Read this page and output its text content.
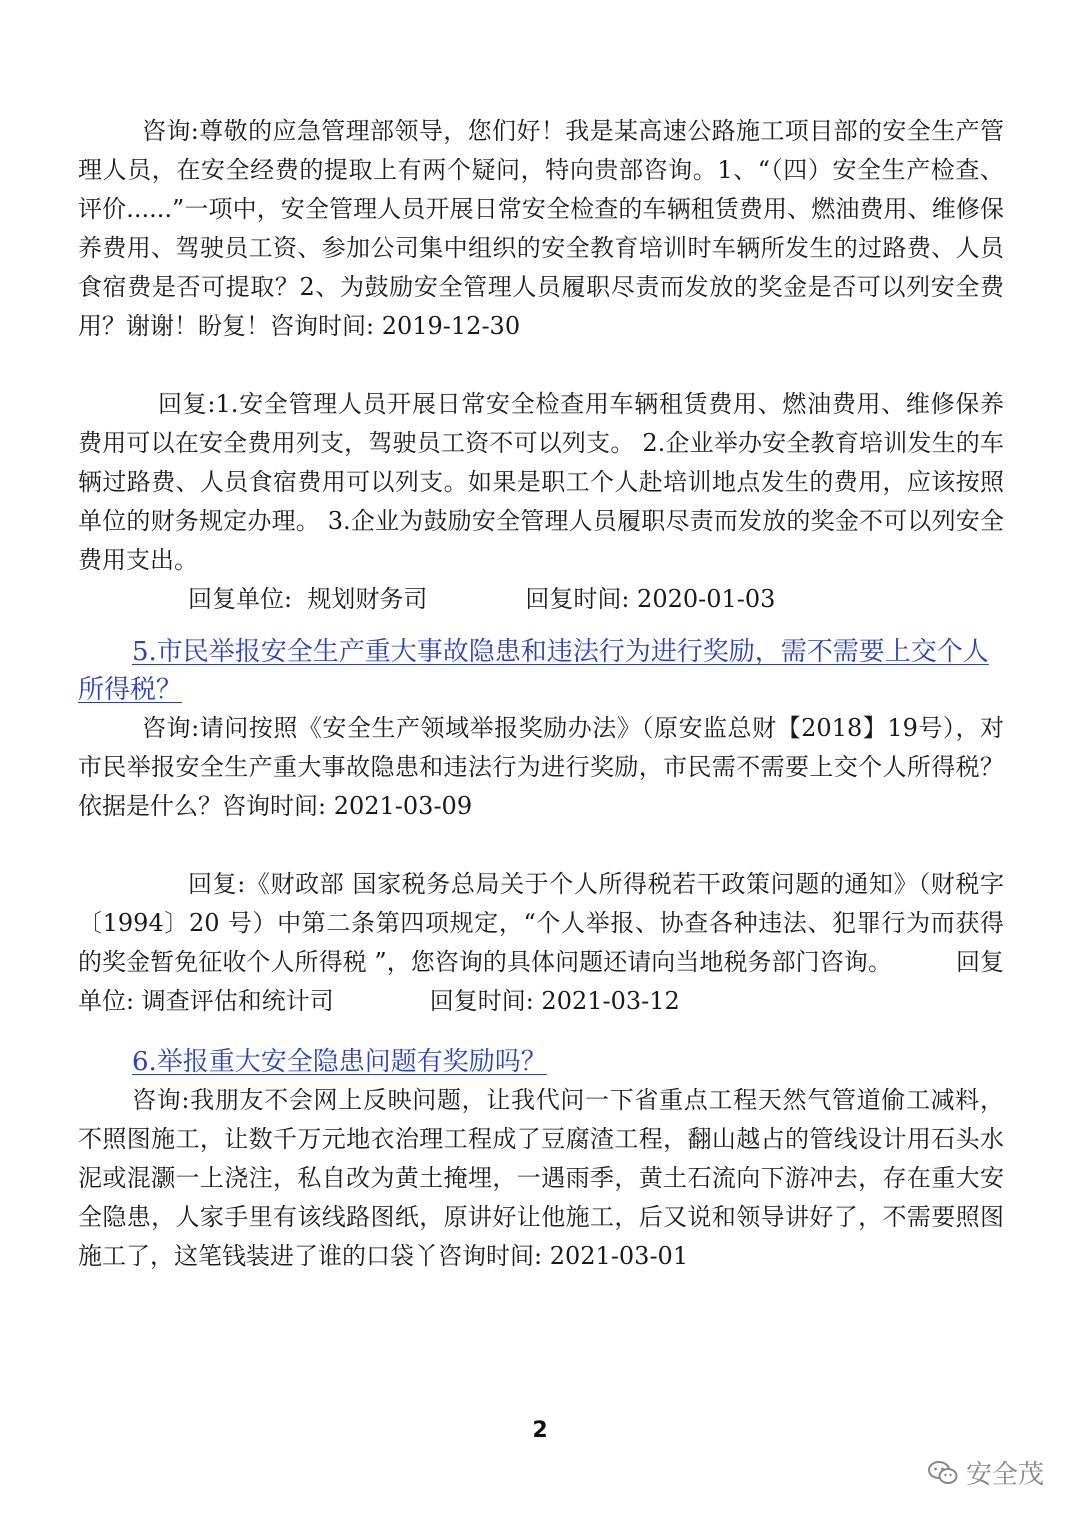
咨询:尊敬的应急管理部领导，您们好！我是某高速公路施工项目部的安全生产管理人员，在安全经费的提取上有两个疑问，特向贵部咨询。1、“（四）安全生产检查、评价......”一项中，安全管理人员开展日常安全检查的车辆租赁费用、燃油费用、维修保养费用、驾驶员工资、参加公司集中组织的安全教育培训时车辆所发生的过路费、人员食宿费是否可提取？2、为鼓励安全管理人员履职尽责而发放的奖金是否可以列安全费用？谢谢！盼复！咨询时间: 2019-12-30

回复:1.安全管理人员开展日常安全检查用车辆租赁费用、燃油费用、维修保养费用可以在安全费用列支，驾驶员工资不可以列支。 2.企业举办安全教育培训发生的车辆过路费、人员食宿费用可以列支。如果是职工个人赴培训地点发生的费用，应该按照单位的财务规定办理。 3.企业为鼓励安全管理人员履职尽责而发放的奖金不可以列安全费用支出。

回复单位:  规划财务司	回复时间: 2020-01-03

5.市民举报安全生产重大事故隐患和违法行为进行奖励，需不需要上交个人所得税？

咨询:请问按照《安全生产领域举报奖励办法》（原安监总财【2018】19号），对市民举报安全生产重大事故隐患和违法行为进行奖励，市民需不需要上交个人所得税？依据是什么？咨询时间: 2021-03-09

回复:《财政部 国家税务总局关于个人所得税若干政策问题的通知》（财税字〔1994〕20 号）中第二条第四项规定，“个人举报、协查各种违法、犯罪行为而获得的奖金暂免征收个人所得税 ”，您咨询的具体问题还请向当地税务部门咨询。	回复单位: 调查评估和统计司	回复时间: 2021-03-12

6.举报重大安全隐患问题有奖励吗？

咨询:我朋友不会网上反映问题，让我代问一下省重点工程天然气管道偷工减料，不照图施工，让数千万元地衣治理工程成了豆腐渣工程，翻山越占的管线设计用石头水泥或混灏一上浇注，私自改为黄土掩埋，一遇雨季，黄土石流向下游冲去，存在重大安全隐患，人家手里有该线路图纸，原讲好让他施工，后又说和领导讲好了，不需要照图施工了，这笔钱装进了谁的口袋丫咨询时间: 2021-03-01

2
安全茂
